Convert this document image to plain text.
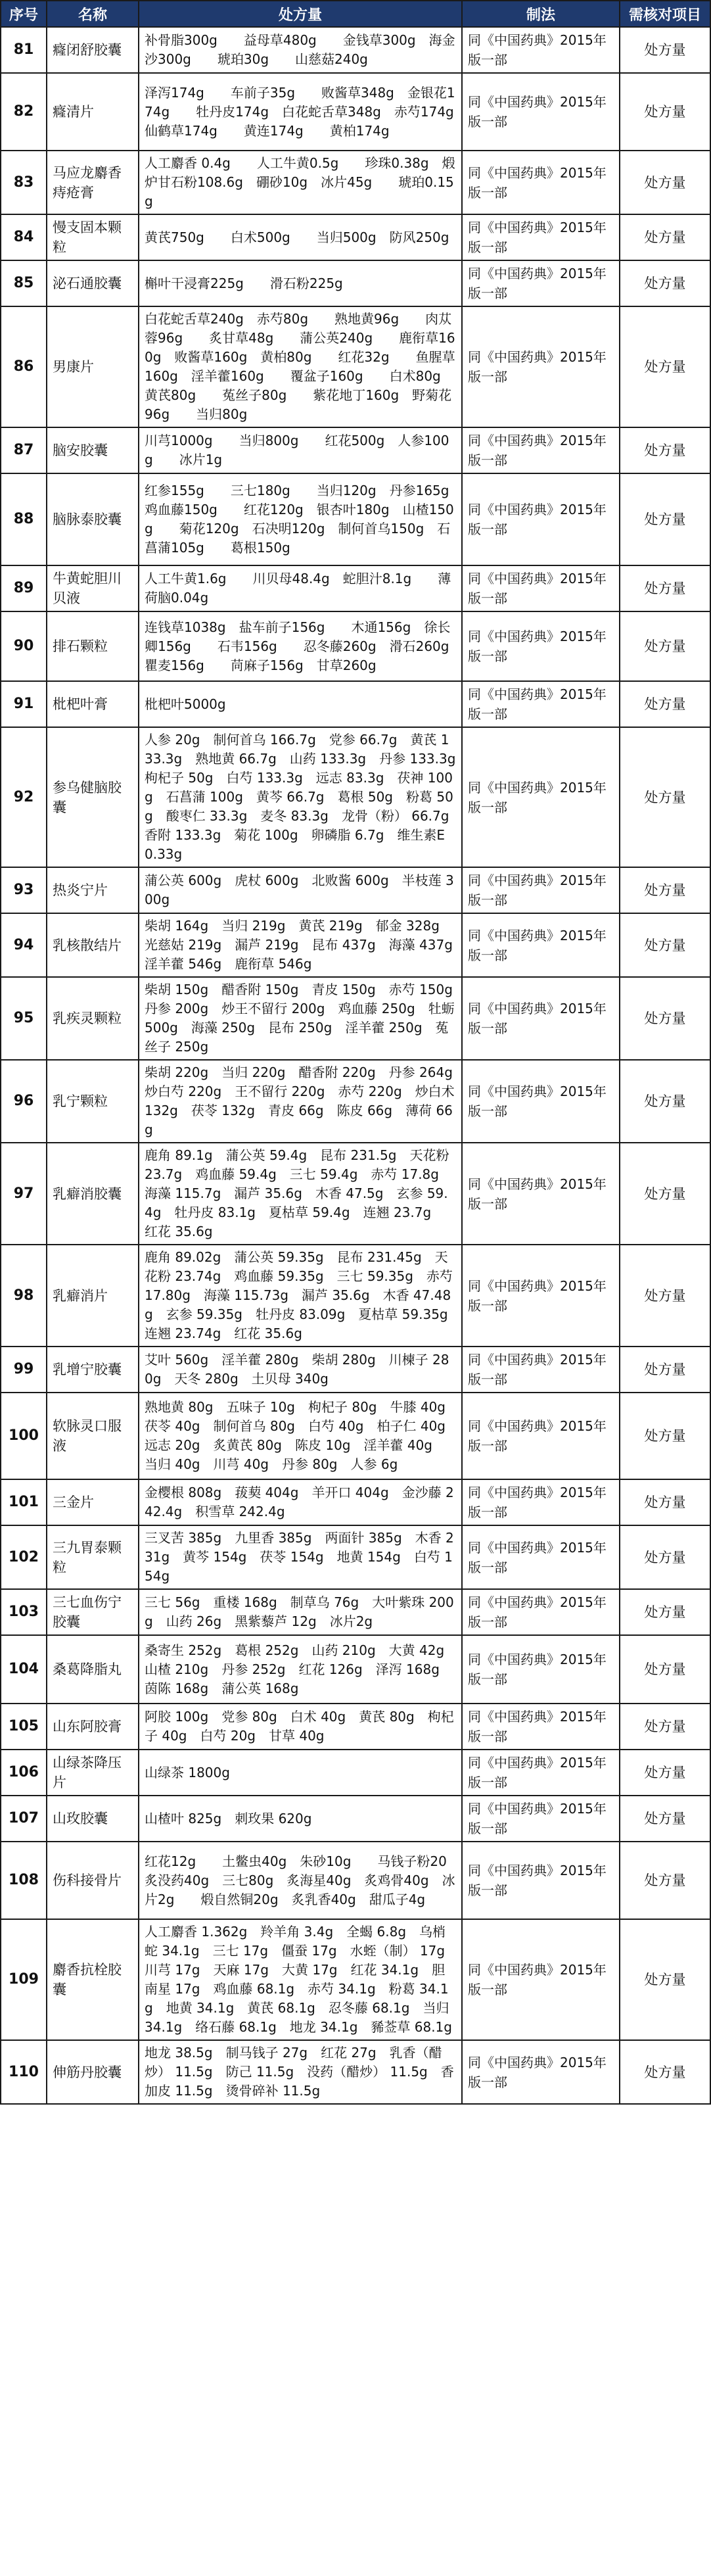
序号	名称	处方量	制法	需核对项目
81	癃闭舒胶囊	补骨脂300g　　益母草480g　　金钱草300g　海金沙300g　　琥珀30g　　山慈菇240g	同《中国药典》2015年版一部	处方量
82	癃清片	泽泻174g　　车前子35g　　败酱草348g　金银花174g　　牡丹皮174g　白花蛇舌草348g　赤芍174g　　仙鹤草174g　　黄连174g　　黄柏174g	同《中国药典》2015年版一部	处方量
83	马应龙麝香痔疮膏	人工麝香 0.4g　　人工牛黄0.5g　　珍珠0.38g　煅炉甘石粉108.6g　硼砂10g　冰片45g　　琥珀0.15g	同《中国药典》2015年版一部	处方量
84	慢支固本颗粒	黄芪750g　　白术500g　　当归500g　防风250g	同《中国药典》2015年版一部	处方量
85	泌石通胶囊	槲叶干浸膏225g　　滑石粉225g	同《中国药典》2015年版一部	处方量
86	男康片	白花蛇舌草240g　赤芍80g　　熟地黄96g　　肉苁蓉96g　　炙甘草48g　　蒲公英240g　　鹿衔草160g　败酱草160g　黄柏80g　　红花32g　　鱼腥草160g　淫羊藿160g　　覆盆子160g　　白术80g　黄芪80g　　菟丝子80g　　紫花地丁160g　野菊花96g　　当归80g	同《中国药典》2015年版一部	处方量
87	脑安胶囊	川芎1000g　　当归800g　　红花500g　人参100g　　冰片1g	同《中国药典》2015年版一部	处方量
88	脑脉泰胶囊	红参155g　　三七180g　　当归120g　丹参165g　　鸡血藤150g　　红花120g　银杏叶180g　山楂150g　　菊花120g　石决明120g　制何首乌150g　石菖蒲105g　　葛根150g	同《中国药典》2015年版一部	处方量
89	牛黄蛇胆川贝液	人工牛黄1.6g　　川贝母48.4g　蛇胆汁8.1g　　薄荷脑0.04g	同《中国药典》2015年版一部	处方量
90	排石颗粒	连钱草1038g　盐车前子156g　　木通156g　徐长卿156g　　石韦156g　　忍冬藤260g　滑石260g　　瞿麦156g　　苘麻子156g　甘草260g	同《中国药典》2015年版一部	处方量
91	枇杷叶膏	枇杷叶5000g	同《中国药典》2015年版一部	处方量
92	参乌健脑胶囊	人参 20g　制何首乌 166.7g　党参 66.7g　黄芪 133.3g　熟地黄 66.7g　山药 133.3g　丹参 133.3g　枸杞子 50g　白芍 133.3g　远志 83.3g　茯神 100g　石菖蒲 100g　黄芩 66.7g　葛根 50g　粉葛 50g　酸枣仁 33.3g　麦冬 83.3g　龙骨（粉） 66.7g　香附 133.3g　菊花 100g　卵磷脂 6.7g　维生素E 0.33g	同《中国药典》2015年版一部	处方量
93	热炎宁片	蒲公英 600g　虎杖 600g　北败酱 600g　半枝莲 300g	同《中国药典》2015年版一部	处方量
94	乳核散结片	柴胡 164g　当归 219g　黄芪 219g　郁金 328g　光慈姑 219g　漏芦 219g　昆布 437g　海藻 437g　淫羊藿 546g　鹿衔草 546g	同《中国药典》2015年版一部	处方量
95	乳疾灵颗粒	柴胡 150g　醋香附 150g　青皮 150g　赤芍 150g　丹参 200g　炒王不留行 200g　鸡血藤 250g　牡蛎 500g　海藻 250g　昆布 250g　淫羊藿 250g　菟丝子 250g	同《中国药典》2015年版一部	处方量
96	乳宁颗粒	柴胡 220g　当归 220g　醋香附 220g　丹参 264g　炒白芍 220g　王不留行 220g　赤芍 220g　炒白术 132g　茯苓 132g　青皮 66g　陈皮 66g　薄荷 66g	同《中国药典》2015年版一部	处方量
97	乳癖消胶囊	鹿角 89.1g　蒲公英 59.4g　昆布 231.5g　天花粉 23.7g　鸡血藤 59.4g　三七 59.4g　赤芍 17.8g　海藻 115.7g　漏芦 35.6g　木香 47.5g　玄参 59.4g　牡丹皮 83.1g　夏枯草 59.4g　连翘 23.7g　红花 35.6g	同《中国药典》2015年版一部	处方量
98	乳癖消片	鹿角 89.02g　蒲公英 59.35g　昆布 231.45g　天花粉 23.74g　鸡血藤 59.35g　三七 59.35g　赤芍 17.80g　海藻 115.73g　漏芦 35.6g　木香 47.48g　玄参 59.35g　牡丹皮 83.09g　夏枯草 59.35g　连翘 23.74g　红花 35.6g	同《中国药典》2015年版一部	处方量
99	乳增宁胶囊	艾叶 560g　淫羊藿 280g　柴胡 280g　川楝子 280g　天冬 280g　土贝母 340g	同《中国药典》2015年版一部	处方量
100	软脉灵口服液	熟地黄 80g　五味子 10g　枸杞子 80g　牛膝 40g　茯苓 40g　制何首乌 80g　白芍 40g　柏子仁 40g　远志 20g　炙黄芪 80g　陈皮 10g　淫羊藿 40g　当归 40g　川芎 40g　丹参 80g　人参 6g	同《中国药典》2015年版一部	处方量
101	三金片	金樱根 808g　菝葜 404g　羊开口 404g　金沙藤 242.4g　积雪草 242.4g	同《中国药典》2015年版一部	处方量
102	三九胃泰颗粒	三叉苦 385g　九里香 385g　两面针 385g　木香 231g　黄芩 154g　茯苓 154g　地黄 154g　白芍 154g	同《中国药典》2015年版一部	处方量
103	三七血伤宁胶囊	三七 56g　重楼 168g　制草乌 76g　大叶紫珠 200g　山药 26g　黑紫藜芦 12g　冰片2g	同《中国药典》2015年版一部	处方量
104	桑葛降脂丸	桑寄生 252g　葛根 252g　山药 210g　大黄 42g　山楂 210g　丹参 252g　红花 126g　泽泻 168g　茵陈 168g　蒲公英 168g	同《中国药典》2015年版一部	处方量
105	山东阿胶膏	阿胶 100g　党参 80g　白术 40g　黄芪 80g　枸杞子 40g　白芍 20g　甘草 40g	同《中国药典》2015年版一部	处方量
106	山绿茶降压片	山绿茶 1800g	同《中国药典》2015年版一部	处方量
107	山玫胶囊	山楂叶 825g　刺玫果 620g	同《中国药典》2015年版一部	处方量
108	伤科接骨片	红花12g　　土鳖虫40g　朱砂10g　　马钱子粉20　炙没药40g　三七80g　炙海星40g　炙鸡骨40g　冰片2g　　煅自然铜20g　炙乳香40g　甜瓜子4g	同《中国药典》2015年版一部	处方量
109	麝香抗栓胶囊	人工麝香 1.362g　羚羊角 3.4g　全蝎 6.8g　乌梢蛇 34.1g　三七 17g　僵蚕 17g　水蛭（制） 17g　川芎 17g　天麻 17g　大黄 17g　红花 34.1g　胆南星 17g　鸡血藤 68.1g　赤芍 34.1g　粉葛 34.1g　地黄 34.1g　黄芪 68.1g　忍冬藤 68.1g　当归 34.1g　络石藤 68.1g　地龙 34.1g　豨莶草 68.1g	同《中国药典》2015年版一部	处方量
110	伸筋丹胶囊	地龙 38.5g　制马钱子 27g　红花 27g　乳香（醋炒） 11.5g　防己 11.5g　没药（醋炒） 11.5g　香加皮 11.5g　烫骨碎补 11.5g	同《中国药典》2015年版一部	处方量
